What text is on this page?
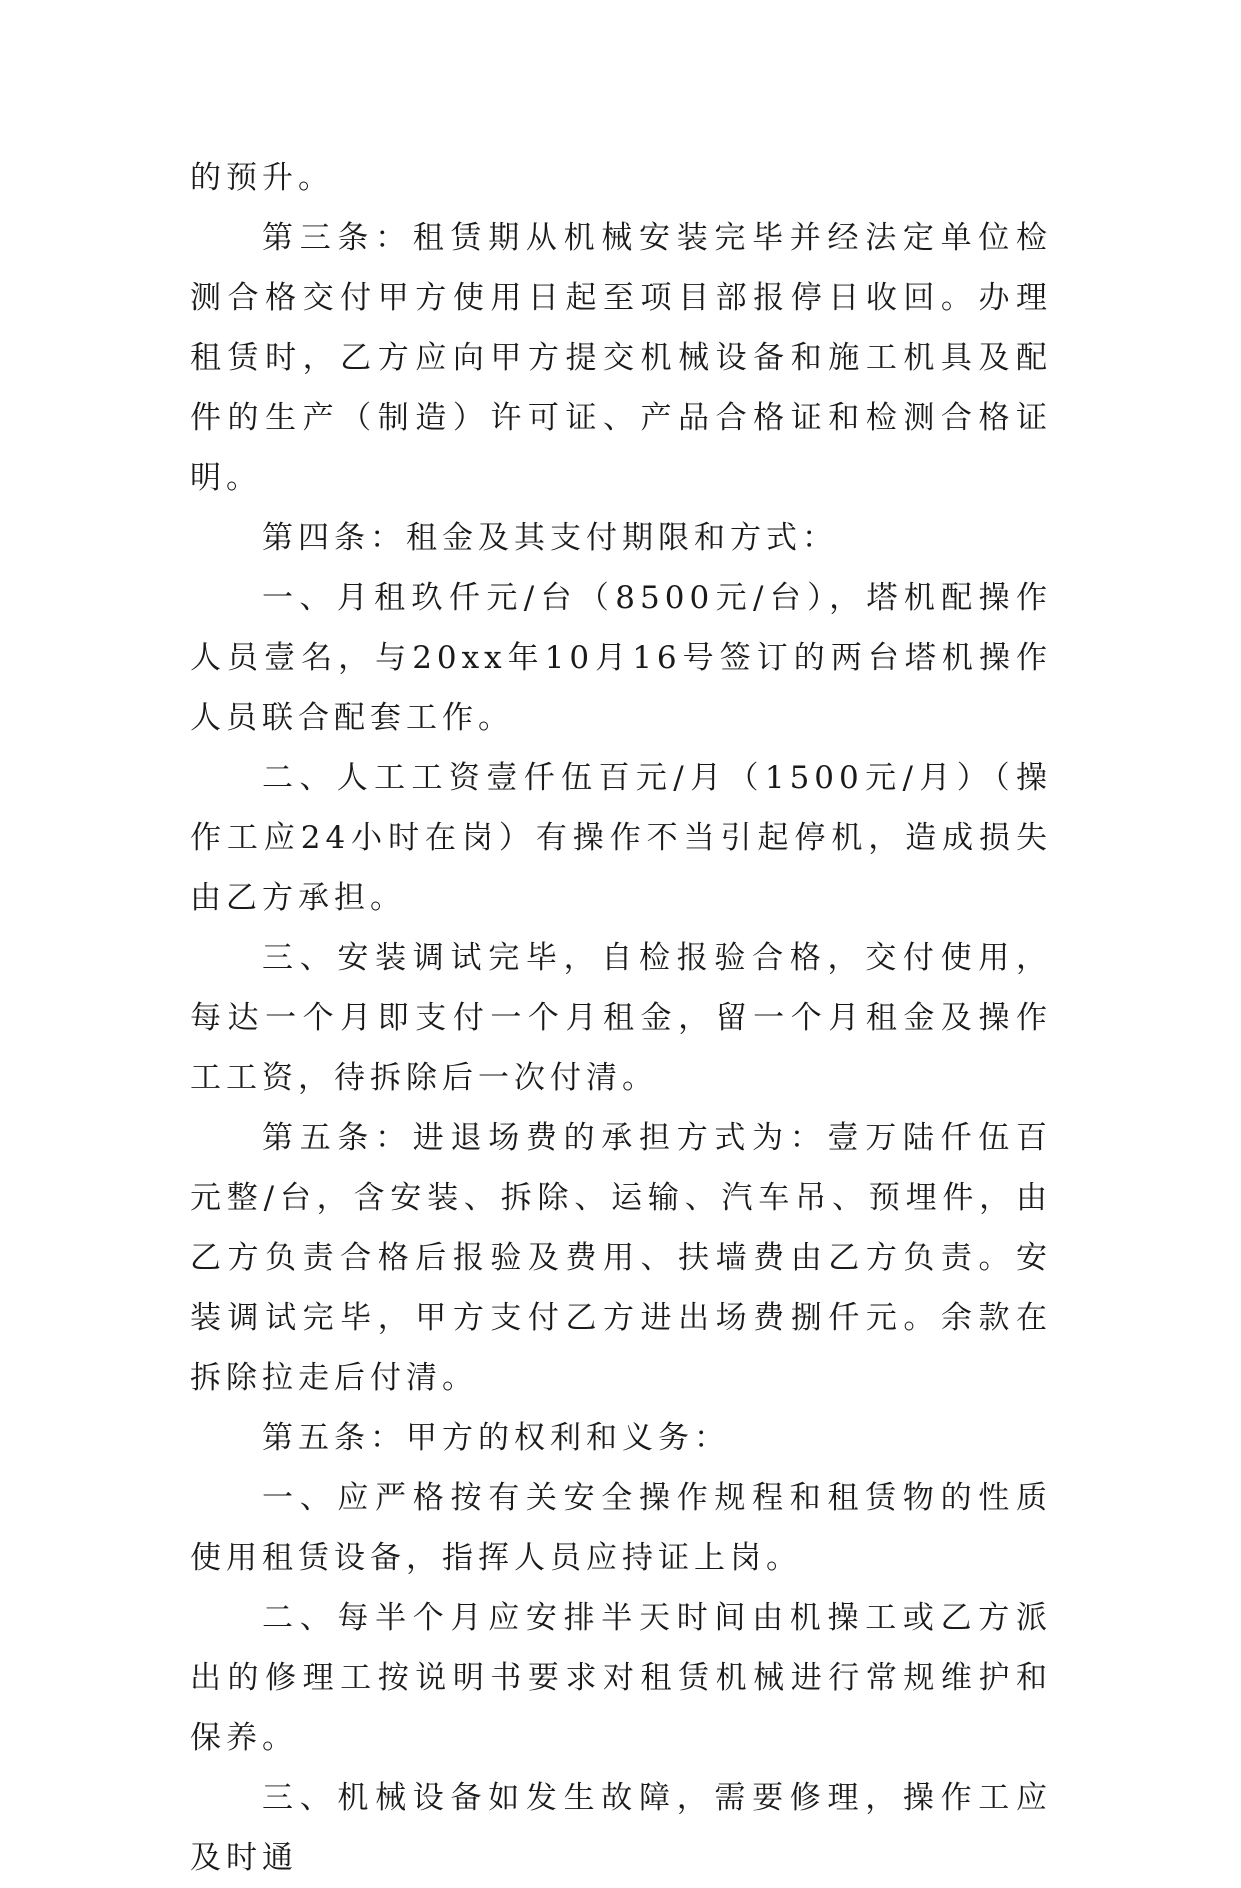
的预升。

第三条：租赁期从机械安装完毕并经法定单位检测合格交付甲方使用日起至项目部报停日收回。办理租赁时，乙方应向甲方提交机械设备和施工机具及配件的生产（制造）许可证、产品合格证和检测合格证明。

第四条：租金及其支付期限和方式：

一、月租玖仟元/台（8500元/台），塔机配操作人员壹名，与20xx年10月16号签订的两台塔机操作人员联合配套工作。

二、人工工资壹仟伍百元/月（1500元/月）（操作工应24小时在岗）有操作不当引起停机，造成损失由乙方承担。

三、安装调试完毕，自检报验合格，交付使用，每达一个月即支付一个月租金，留一个月租金及操作工工资，待拆除后一次付清。

第五条：进退场费的承担方式为：壹万陆仟伍百元整/台，含安装、拆除、运输、汽车吊、预埋件，由乙方负责合格后报验及费用、扶墙费由乙方负责。安装调试完毕，甲方支付乙方进出场费捌仟元。余款在拆除拉走后付清。

第五条：甲方的权利和义务：

一、应严格按有关安全操作规程和租赁物的性质使用租赁设备，指挥人员应持证上岗。

二、每半个月应安排半天时间由机操工或乙方派出的修理工按说明书要求对租赁机械进行常规维护和保养。

三、机械设备如发生故障，需要修理，操作工应及时通
